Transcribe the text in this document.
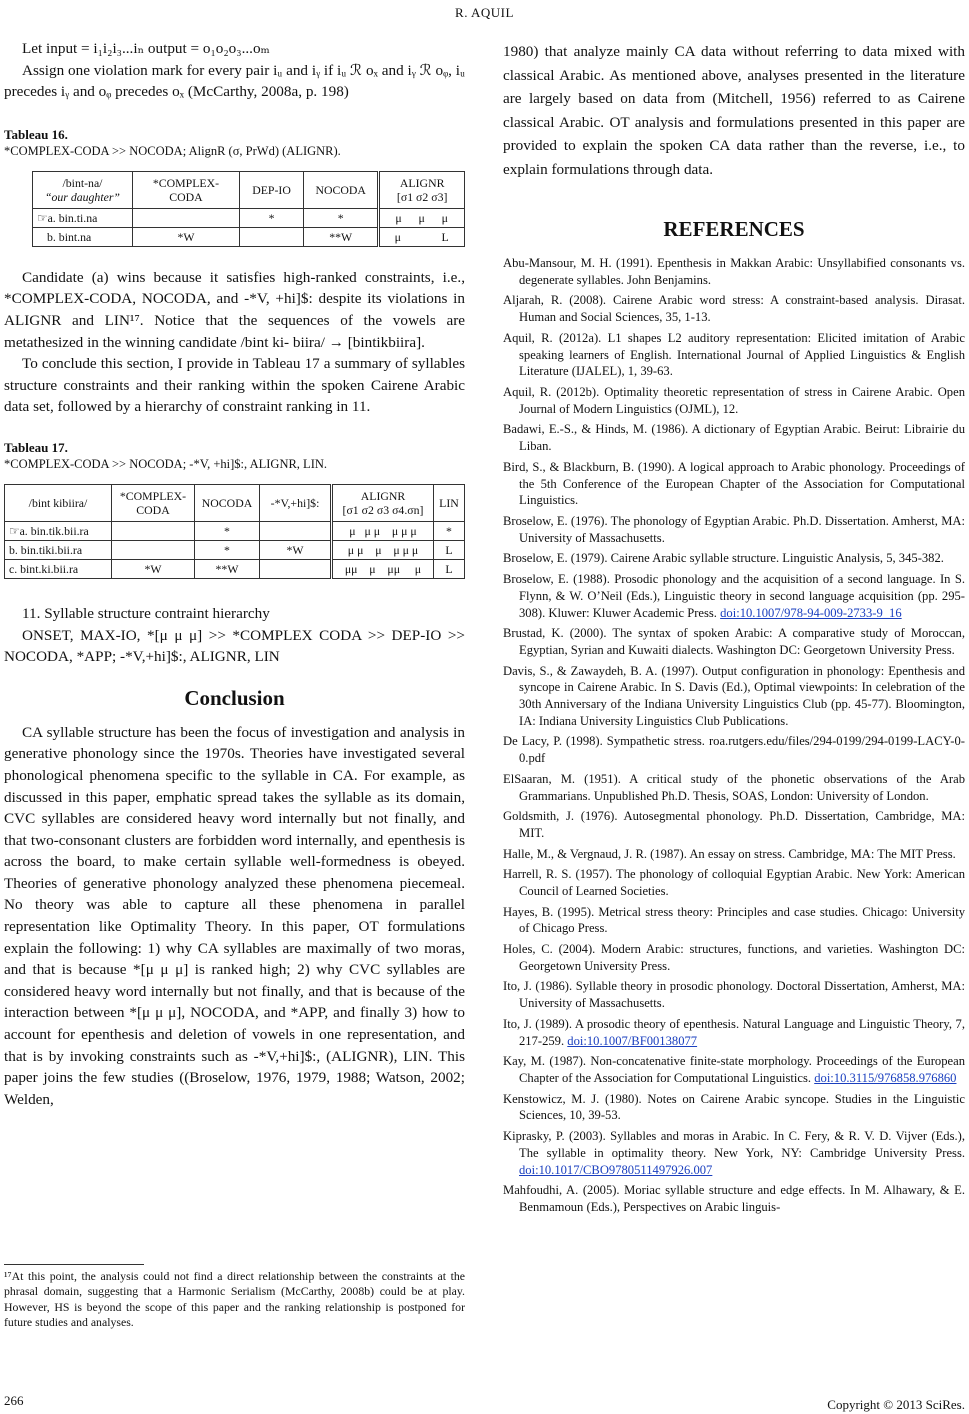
R. AQUIL

Let input = i₁i₂i₃...iₙ output = o₁o₂o₃...oₘ

Assign one violation mark for every pair iᵤ and iᵧ if iᵤ ℛ oₓ and iᵧ ℛ oᵩ, iᵤ precedes iᵧ and oᵩ precedes oₓ (McCarthy, 2008a, p. 198)

Tableau 16.

*COMPLEX-CODA >> NOCODA; AlignR (σ, PrWd) (ALIGNR).

/bint-na/
“our daughter”	*COMPLEX-CODA	DEP-IO	NOCODA	ALIGNR
[σ1 σ2 σ3]
☞a. bin.ti.na		*	*	μ    μ    μ
b. bint.na	*W		**W	μ          L

Candidate (a) wins because it satisfies high-ranked constraints, i.e., *COMPLEX-CODA, NOCODA, and -*V, +hi]$: despite its violations in ALIGNR and LIN¹⁷. Notice that the sequences of the vowels are metathesized in the winning candidate /bint ki- biira/ → [bintikbiira].

To conclude this section, I provide in Tableau 17 a summary of syllables structure constraints and their ranking within the spoken Cairene Arabic data set, followed by a hierarchy of constraint ranking in 11.

Tableau 17.

*COMPLEX-CODA >> NOCODA; -*V, +hi]$:, ALIGNR, LIN.

/bint kibiira/	*COMPLEX-CODA	NOCODA	-*V,+hi]$:	ALIGNR
[σ1 σ2 σ3 σ4.σn]	LIN
☞a. bin.tik.bii.ra		*		μ   μ μ    μ μ μ	*
b. bin.tiki.bii.ra		*	*W	μ μ    μ    μ μ μ	L
c. bint.ki.bii.ra	*W	**W		μμ    μ    μμ     μ	L

11. Syllable structure contraint hierarchy

ONSET, MAX-IO, *[μ μ μ] >> *COMPLEX CODA >> DEP-IO >> NOCODA, *APP; -*V,+hi]$:, ALIGNR, LIN

Conclusion

CA syllable structure has been the focus of investigation and analysis in generative phonology since the 1970s. Theories have investigated several phonological phenomena specific to the syllable in CA. For example, as discussed in this paper, emphatic spread takes the syllable as its domain, CVC syllables are considered heavy word internally but not finally, and that two-consonant clusters are forbidden word internally, and epenthesis is across the board, to make certain syllable well-formedness is obeyed. Theories of generative phonology analyzed these phenomena piecemeal. No theory was able to capture all these phenomena in parallel representation like Optimality Theory. In this paper, OT formulations explain the following: 1) why CA syllables are maximally of two moras, and that is because *[μ μ μ] is ranked high; 2) why CVC syllables are considered heavy word internally but not finally, and that is because of the interaction between *[μ μ μ], NOCODA, and *APP, and finally 3) how to account for epenthesis and deletion of vowels in one representation, and that is by invoking constraints such as -*V,+hi]$:, (ALIGNR), LIN. This paper joins the few studies ((Broselow, 1976, 1979, 1988; Watson, 2002; Welden,

¹⁷At this point, the analysis could not find a direct relationship between the constraints at the phrasal domain, suggesting that a Harmonic Serialism (McCarthy, 2008b) could be at play. However, HS is beyond the scope of this paper and the ranking relationship is postponed for future studies and analyses.

1980) that analyze mainly CA data without referring to data mixed with classical Arabic. As mentioned above, analyses presented in the literature are largely based on data from (Mitchell, 1956) referred to as Cairene classical Arabic. OT analysis and formulations presented in this paper are provided to explain the spoken CA data rather than the reverse, i.e., to explain formulations through data.

REFERENCES

Abu-Mansour, M. H. (1991). Epenthesis in Makkan Arabic: Unsyllabified consonants vs. degenerate syllables. John Benjamins.

Aljarah, R. (2008). Cairene Arabic word stress: A constraint-based analysis. Dirasat. Human and Social Sciences, 35, 1-13.

Aquil, R. (2012a). L1 shapes L2 auditory representation: Elicited imitation of Arabic speaking learners of English. International Journal of Applied Linguistics & English Literature (IJALEL), 1, 39-63.

Aquil, R. (2012b). Optimality theoretic representation of stress in Cairene Arabic. Open Journal of Modern Linguistics (OJML), 12.

Badawi, E.-S., & Hinds, M. (1986). A dictionary of Egyptian Arabic. Beirut: Librairie du Liban.

Bird, S., & Blackburn, B. (1990). A logical approach to Arabic phonology. Proceedings of the 5th Conference of the European Chapter of the Association for Computational Linguistics.

Broselow, E. (1976). The phonology of Egyptian Arabic. Ph.D. Dissertation. Amherst, MA: University of Massachusetts.

Broselow, E. (1979). Cairene Arabic syllable structure. Linguistic Analysis, 5, 345-382.

Broselow, E. (1988). Prosodic phonology and the acquisition of a second language. In S. Flynn, & W. O’Neil (Eds.), Linguistic theory in second language acquisition (pp. 295-308). Kluwer: Kluwer Academic Press. doi:10.1007/978-94-009-2733-9_16

Brustad, K. (2000). The syntax of spoken Arabic: A comparative study of Moroccan, Egyptian, Syrian and Kuwaiti dialects. Washington DC: Georgetown University Press.

Davis, S., & Zawaydeh, B. A. (1997). Output configuration in phonology: Epenthesis and syncope in Cairene Arabic. In S. Davis (Ed.), Optimal viewpoints: In celebration of the 30th Anniversary of the Indiana University Linguistics Club (pp. 45-77). Bloomington, IA: Indiana University Linguistics Club Publications.

De Lacy, P. (1998). Sympathetic stress. roa.rutgers.edu/files/294-0199/294-0199-LACY-0-0.pdf

ElSaaran, M. (1951). A critical study of the phonetic observations of the Arab Grammarians. Unpublished Ph.D. Thesis, SOAS, London: University of London.

Goldsmith, J. (1976). Autosegmental phonology. Ph.D. Dissertation, Cambridge, MA: MIT.

Halle, M., & Vergnaud, J. R. (1987). An essay on stress. Cambridge, MA: The MIT Press.

Harrell, R. S. (1957). The phonology of colloquial Egyptian Arabic. New York: American Council of Learned Societies.

Hayes, B. (1995). Metrical stress theory: Principles and case studies. Chicago: University of Chicago Press.

Holes, C. (2004). Modern Arabic: structures, functions, and varieties. Washington DC: Georgetown University Press.

Ito, J. (1986). Syllable theory in prosodic phonology. Doctoral Dissertation, Amherst, MA: University of Massachusetts.

Ito, J. (1989). A prosodic theory of epenthesis. Natural Language and Linguistic Theory, 7, 217-259. doi:10.1007/BF00138077

Kay, M. (1987). Non-concatenative finite-state morphology. Proceedings of the European Chapter of the Association for Computational Linguistics. doi:10.3115/976858.976860

Kenstowicz, M. J. (1980). Notes on Cairene Arabic syncope. Studies in the Linguistic Sciences, 10, 39-53.

Kiprasky, P. (2003). Syllables and moras in Arabic. In C. Fery, & R. V. D. Vijver (Eds.), The syllable in optimality theory. New York, NY: Cambridge University Press. doi:10.1017/CBO9780511497926.007

Mahfoudhi, A. (2005). Moriac syllable structure and edge effects. In M. Alhawary, & E. Benmamoun (Eds.), Perspectives on Arabic linguis-

266	Copyright © 2013 SciRes.
